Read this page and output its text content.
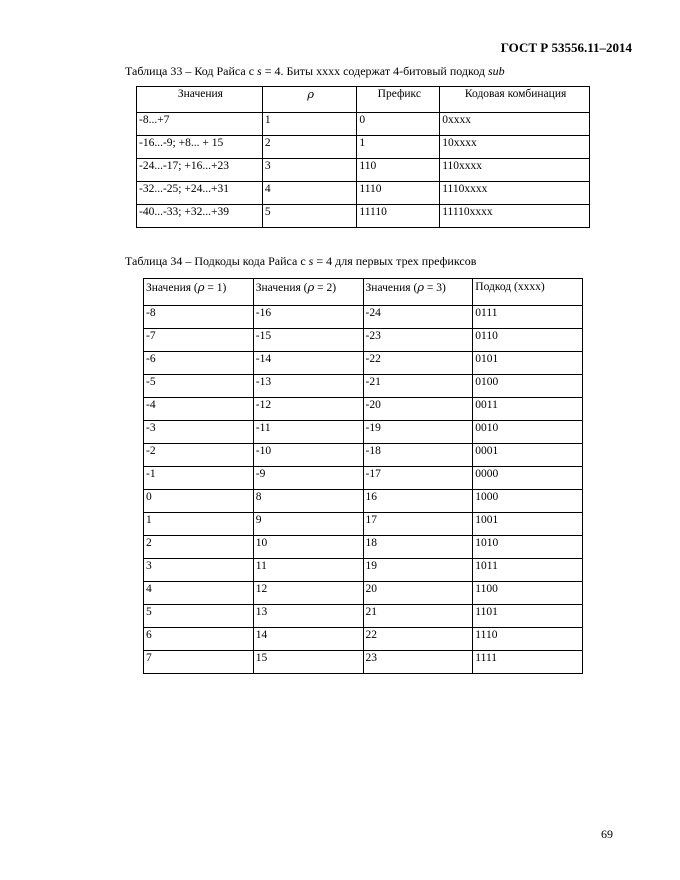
ГОСТ Р 53556.11–2014
Таблица 33 – Код Райса с s = 4. Биты xxxx содержат 4-битовый подкод sub
Значения	ρ	Префикс	Кодовая комбинация
-8...+7	1	0	0xxxx
-16...-9; +8... + 15	2	1	10xxxx
-24...-17; +16...+23	3	110	110xxxx
-32...-25; +24...+31	4	1110	1110xxxx
-40...-33; +32...+39	5	11110	11110xxxx
Таблица 34 – Подкоды кода Райса с s = 4 для первых трех префиксов
Значения (ρ = 1)	Значения (ρ = 2)	Значения (ρ = 3)	Подкод (xxxx)
-8	-16	-24	0111
-7	-15	-23	0110
-6	-14	-22	0101
-5	-13	-21	0100
-4	-12	-20	0011
-3	-11	-19	0010
-2	-10	-18	0001
-1	-9	-17	0000
0	8	16	1000
1	9	17	1001
2	10	18	1010
3	11	19	1011
4	12	20	1100
5	13	21	1101
6	14	22	1110
7	15	23	1111
69
